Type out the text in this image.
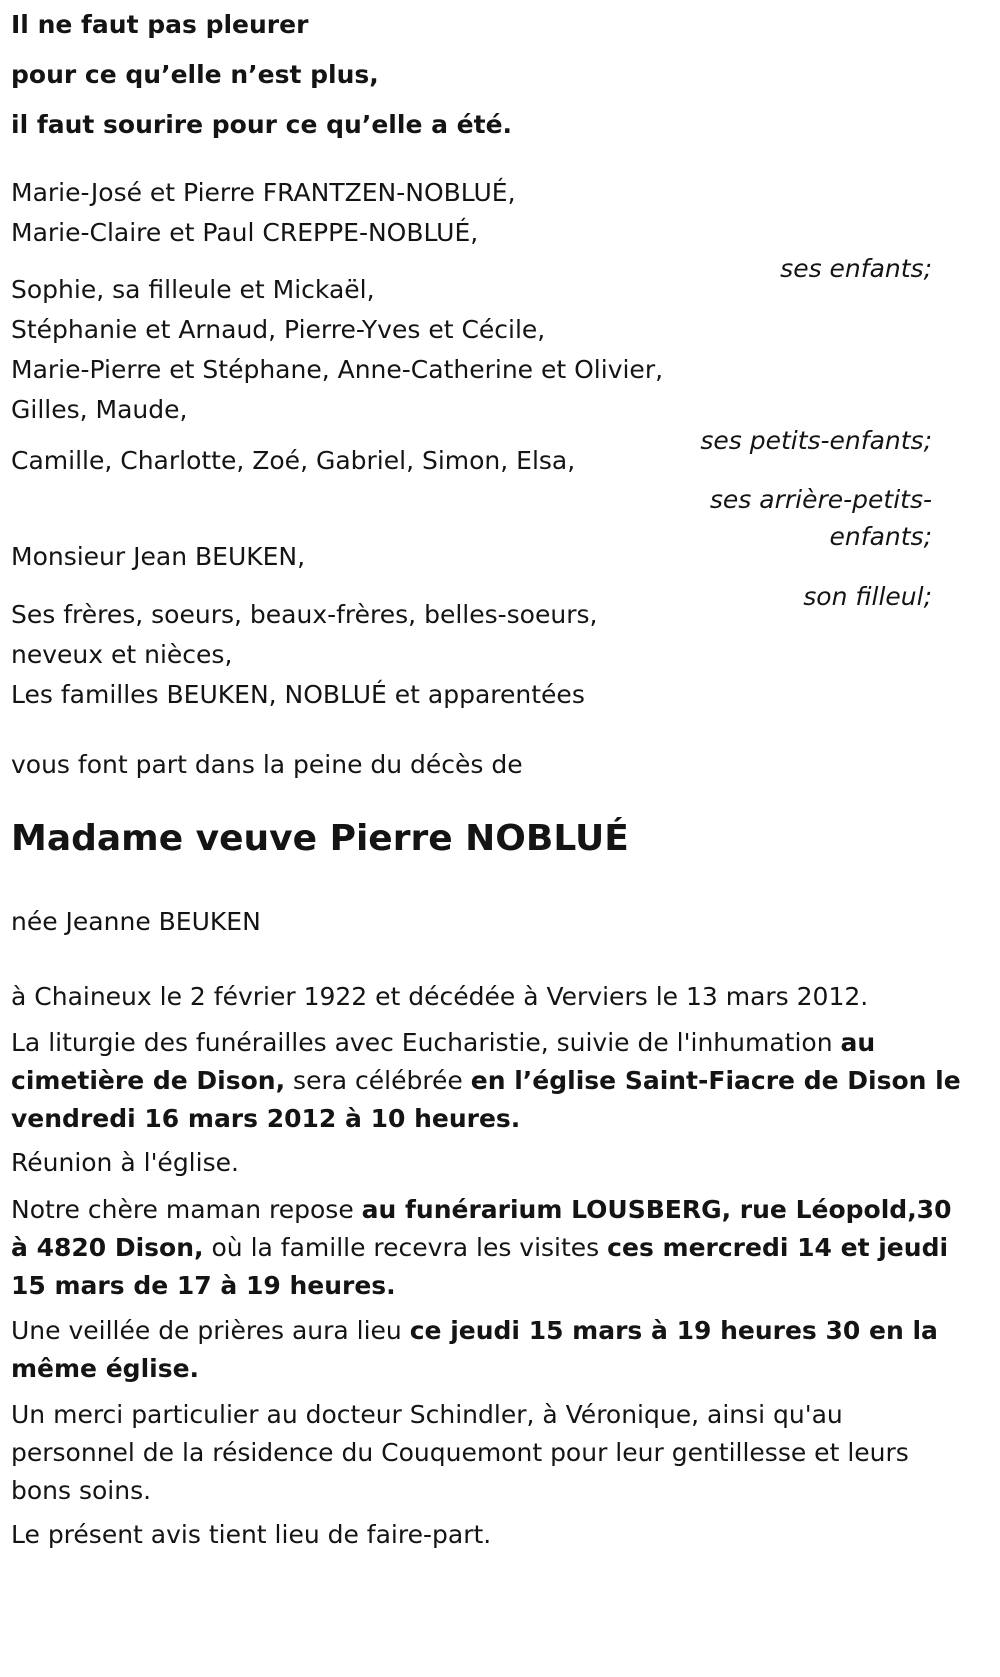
Il ne faut pas pleurer
pour ce qu’elle n’est plus,
il faut sourire pour ce qu’elle a été.
Marie-José et Pierre FRANTZEN-NOBLUÉ,
Marie-Claire et Paul CREPPE-NOBLUÉ,
ses enfants;
Sophie, sa filleule et Mickaël,
Stéphanie et Arnaud, Pierre-Yves et Cécile,
Marie-Pierre et Stéphane, Anne-Catherine et Olivier,
Gilles, Maude,
ses petits-enfants;
Camille, Charlotte, Zoé, Gabriel, Simon, Elsa,
ses arrière-petits-
enfants;
Monsieur Jean BEUKEN,
son filleul;
Ses frères, soeurs, beaux-frères, belles-soeurs,
neveux et nièces,
Les familles BEUKEN, NOBLUÉ et apparentées
vous font part dans la peine du décès de
Madame veuve Pierre NOBLUÉ
née Jeanne BEUKEN
à Chaineux le 2 février 1922 et décédée à Verviers le 13 mars 2012.
La liturgie des funérailles avec Eucharistie, suivie de l'inhumation au cimetière de Dison, sera célébrée en l’église Saint-Fiacre de Dison le vendredi 16 mars 2012 à 10 heures.
Réunion à l'église.
Notre chère maman repose au funérarium LOUSBERG, rue Léopold,30 à 4820 Dison, où la famille recevra les visites ces mercredi 14 et jeudi 15 mars de 17 à 19 heures.
Une veillée de prières aura lieu ce jeudi 15 mars à 19 heures 30 en la même église.
Un merci particulier au docteur Schindler, à Véronique, ainsi qu'au personnel de la résidence du Couquemont pour leur gentillesse et leurs bons soins.
Le présent avis tient lieu de faire-part.
